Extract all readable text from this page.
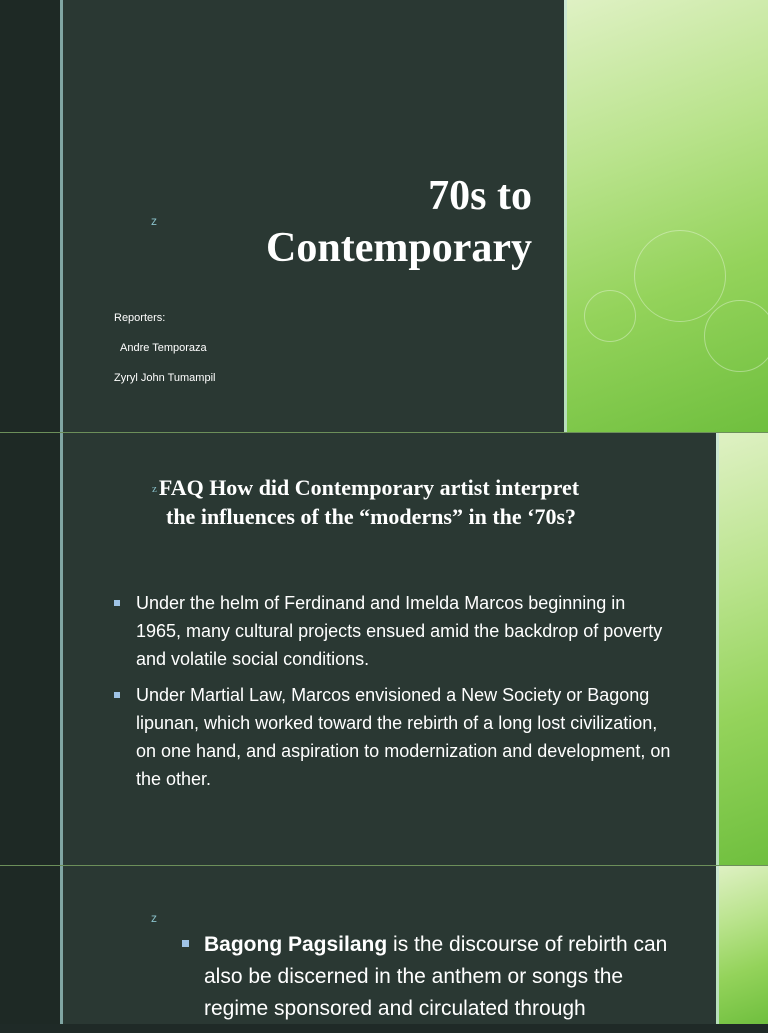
z
70s to
Contemporary
Reporters:
Andre Temporaza
Zyryl John Tumampil
zFAQ How did Contemporary artist interpret
the influences of the “moderns” in the ‘70s?
Under the helm of Ferdinand and Imelda Marcos beginning in 1965, many cultural projects ensued amid the backdrop of poverty and volatile social conditions.
Under Martial Law, Marcos envisioned a New Society or Bagong lipunan, which worked toward the rebirth of a long lost civilization, on one hand, and aspiration to modernization and development, on the other.
z
Bagong Pagsilang is the discourse of rebirth can also be discerned in the anthem or songs the regime sponsored and circulated through
